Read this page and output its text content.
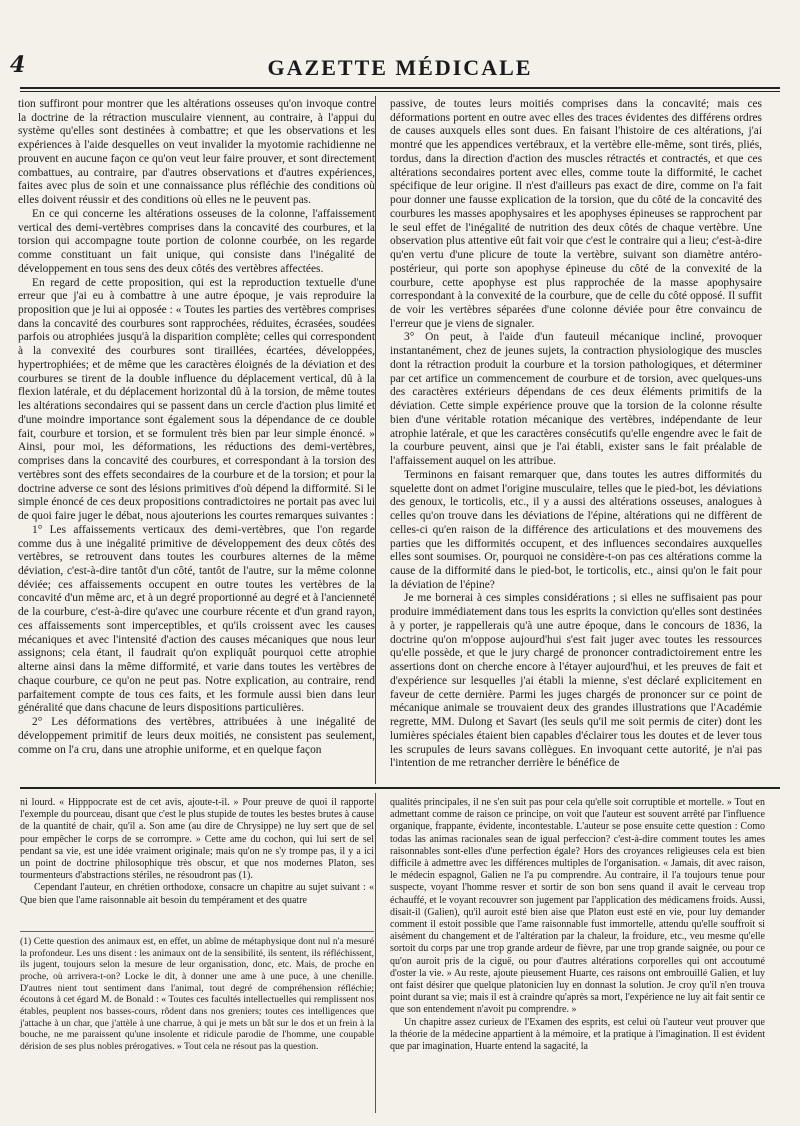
4	GAZETTE MÉDICALE

tion suffiront pour montrer que les altérations osseuses qu'on invoque contre la doctrine de la rétraction musculaire viennent, au contraire, à l'appui du système qu'elles sont destinées à combattre; et que les observations et les expériences à l'aide desquelles on veut invalider la myotomie rachidienne ne prouvent en aucune façon ce qu'on veut leur faire prouver, et sont directement combattues, au contraire, par d'autres observations et d'autres expériences, faites avec plus de soin et une connaissance plus réfléchie des conditions où elles doivent réussir et des conditions où elles ne le peuvent pas.

En ce qui concerne les altérations osseuses de la colonne, l'affaissement vertical des demi-vertèbres comprises dans la concavité des courbures, et la torsion qui accompagne toute portion de colonne courbée, on les regarde comme constituant un fait unique, qui consiste dans l'inégalité de développement en tous sens des deux côtés des vertèbres affectées.

En regard de cette proposition, qui est la reproduction textuelle d'une erreur que j'ai eu à combattre à une autre époque, je vais reproduire la proposition que je lui ai opposée : « Toutes les parties des vertèbres comprises dans la concavité des courbures sont rapprochées, réduites, écrasées, soudées parfois ou atrophiées jusqu'à la disparition complète; celles qui correspondent à la convexité des courbures sont tiraillées, écartées, développées, hypertrophiées; et de même que les caractères éloignés de la déviation et des courbures se tirent de la double influence du déplacement vertical, dû à la flexion latérale, et du déplacement horizontal dû à la torsion, de même toutes les altérations secondaires qui se passent dans un cercle d'action plus limité et d'une moindre importance sont également sous la dépendance de ce double fait, courbure et torsion, et se formulent très bien par leur simple énoncé. » Ainsi, pour moi, les déformations, les réductions des demi-vertèbres, comprises dans la concavité des courbures, et correspondant à la torsion des vertèbres sont des effets secondaires de la courbure et de la torsion; et pour la doctrine adverse ce sont des lésions primitives d'où dépend la difformité. Si le simple énoncé de ces deux propositions contradictoires ne portait pas avec lui de quoi faire juger le débat, nous ajouterions les courtes remarques suivantes :

1° Les affaissements verticaux des demi-vertèbres, que l'on regarde comme dus à une inégalité primitive de développement des deux côtés des vertèbres, se retrouvent dans toutes les courbures alternes de la même déviation, c'est-à-dire tantôt d'un côté, tantôt de l'autre, sur la même colonne déviée; ces affaissements occupent en outre toutes les vertèbres de la concavité d'un même arc, et à un degré proportionné au degré et à l'ancienneté de la courbure, c'est-à-dire qu'avec une courbure récente et d'un grand rayon, ces affaissements sont imperceptibles, et qu'ils croissent avec les causes mécaniques et avec l'intensité d'action des causes mécaniques que nous leur assignons; cela étant, il faudrait qu'on expliquât pourquoi cette atrophie alterne ainsi dans la même difformité, et varie dans toutes les vertèbres de chaque courbure, ce qu'on ne peut pas. Notre explication, au contraire, rend parfaitement compte de tous ces faits, et les formule aussi bien dans leur généralité que dans chacune de leurs dispositions particulières.

2° Les déformations des vertèbres, attribuées à une inégalité de développement primitif de leurs deux moitiés, ne consistent pas seulement, comme on l'a cru, dans une atrophie uniforme, et en quelque façon

passive, de toutes leurs moitiés comprises dans la concavité; mais ces déformations portent en outre avec elles des traces évidentes des différens ordres de causes auxquels elles sont dues. En faisant l'histoire de ces altérations, j'ai montré que les appendices vertébraux, et la vertèbre elle-même, sont tirés, pliés, tordus, dans la direction d'action des muscles rétractés et contractés, et que ces altérations secondaires portent avec elles, comme toute la difformité, le cachet spécifique de leur origine. Il n'est d'ailleurs pas exact de dire, comme on l'a fait pour donner une fausse explication de la torsion, que du côté de la concavité des courbures les masses apophysaires et les apophyses épineuses se rapprochent par le seul effet de l'inégalité de nutrition des deux côtés de chaque vertèbre. Une observation plus attentive eût fait voir que c'est le contraire qui a lieu; c'est-à-dire qu'en vertu d'une plicure de toute la vertèbre, suivant son diamètre antéro-postérieur, qui porte son apophyse épineuse du côté de la convexité de la courbure, cette apophyse est plus rapprochée de la masse apophysaire correspondant à la convexité de la courbure, que de celle du côté opposé. Il suffit de voir les vertèbres séparées d'une colonne déviée pour être convaincu de l'erreur que je viens de signaler.

3° On peut, à l'aide d'un fauteuil mécanique incliné, provoquer instantanément, chez de jeunes sujets, la contraction physiologique des muscles dont la rétraction produit la courbure et la torsion pathologiques, et déterminer par cet artifice un commencement de courbure et de torsion, avec quelques-uns des caractères extérieurs dépendans de ces deux éléments primitifs de la déviation. Cette simple expérience prouve que la torsion de la colonne résulte bien d'une véritable rotation mécanique des vertèbres, indépendante de leur atrophie latérale, et que les caractères consécutifs qu'elle engendre avec le fait de la courbure peuvent, ainsi que je l'ai établi, exister sans le fait préalable de l'affaissement auquel on les attribue.

Terminons en faisant remarquer que, dans toutes les autres difformités du squelette dont on admet l'origine musculaire, telles que le pied-bot, les déviations des genoux, le torticolis, etc., il y a aussi des altérations osseuses, analogues à celles qu'on trouve dans les déviations de l'épine, altérations qui ne diffèrent de celles-ci qu'en raison de la différence des articulations et des mouvemens des parties que les difformités occupent, et des influences secondaires auxquelles elles sont soumises. Or, pourquoi ne considère-t-on pas ces altérations comme la cause de la difformité dans le pied-bot, le torticolis, etc., ainsi qu'on le fait pour la déviation de l'épine?

Je me bornerai à ces simples considérations ; si elles ne suffisaient pas pour produire immédiatement dans tous les esprits la conviction qu'elles sont destinées à y porter, je rappellerais qu'à une autre époque, dans le concours de 1836, la doctrine qu'on m'oppose aujourd'hui s'est fait juger avec toutes les ressources qu'elle possède, et que le jury chargé de prononcer contradictoirement entre les assertions dont on cherche encore à l'étayer aujourd'hui, et les preuves de fait et d'expérience sur lesquelles j'ai établi la mienne, s'est déclaré explicitement en faveur de cette dernière. Parmi les juges chargés de prononcer sur ce point de mécanique animale se trouvaient deux des grandes illustrations que l'Académie regrette, MM. Dulong et Savart (les seuls qu'il me soit permis de citer) dont les lumières spéciales étaient bien capables d'éclairer tous les doutes et de lever tous les scrupules de leurs savans collègues. En invoquant cette autorité, je n'ai pas l'intention de me retrancher derrière le bénéfice de

ni lourd. « Hipppocrate est de cet avis, ajoute-t-il. » Pour preuve de quoi il rapporte l'exemple du pourceau, disant que c'est le plus stupide de toutes les bestes brutes à cause de la quantité de chair, qu'il a. Son ame (au dire de Chrysippe) ne luy sert que de sel pour empêcher le corps de se corrompre. » Cette ame du cochon, qui lui sert de sel pendant sa vie, est une idée vraiment originale; mais qu'on ne s'y trompe pas, il y a ici un point de doctrine philosophique très obscur, et que nos modernes Platon, ses tourmenteurs d'abstractions stériles, ne résoudront pas (1).

Cependant l'auteur, en chrétien orthodoxe, consacre un chapitre au sujet suivant : « Que bien que l'ame raisonnable ait besoin du tempérament et des quatre

(1) Cette question des animaux est, en effet, un abîme de métaphysique dont nul n'a mesuré la profondeur. Les uns disent : les animaux ont de la sensibilité, ils sentent, ils réfléchissent, ils jugent, toujours selon la mesure de leur organisation, donc, etc. Mais, de proche en proche, où arrivera-t-on? Locke le dit, à donner une ame à une puce, à une chenille. D'autres nient tout sentiment dans l'animal, tout degré de compréhension réfléchie; écoutons à cet égard M. de Bonald : « Toutes ces facultés intellectuelles qui remplissent nos étables, peuplent nos basses-cours, rôdent dans nos greniers; toutes ces intelligences que j'attache à un char, que j'attèle à une charrue, à qui je mets un bât sur le dos et un frein à la bouche, ne me paraissent qu'une insolente et ridicule parodie de l'homme, une coupable dérision de ses plus nobles prérogatives. » Tout cela ne résout pas la question.

qualités principales, il ne s'en suit pas pour cela qu'elle soit corruptible et mortelle. » Tout en admettant comme de raison ce principe, on voit que l'auteur est souvent arrêté par l'influence organique, frappante, évidente, incontestable. L'auteur se pose ensuite cette question : Como todas las animas racionales sean de igual perfeccion? c'est-à-dire comment toutes les ames raisonnables sont-elles d'une perfection égale? Hors des croyances religieuses cela est bien difficile à admettre avec les différences multiples de l'organisation. « Jamais, dit avec raison, le médecin espagnol, Galien ne l'a pu comprendre. Au contraire, il l'a toujours tenue pour suspecte, voyant l'homme resver et sortir de son bon sens quand il avait le cerveau trop échauffé, et le voyant recouvrer son jugement par l'application des médicamens froids. Aussi, disait-il (Galien), qu'il auroit esté bien aise que Platon eust esté en vie, pour luy demander comment il estoit possible que l'ame raisonnable fust immortelle, attendu qu'elle souffroit si aisément du changement et de l'altération par la chaleur, la froidure, etc., veu mesme qu'elle sortoit du corps par une trop grande ardeur de fièvre, par une trop grande saignée, ou pour ce qu'on auroit pris de la ciguë, ou pour d'autres altérations corporelles qui ont accoutumé d'oster la vie. » Au reste, ajoute pieusement Huarte, ces raisons ont embrouillé Galien, et luy ont faist désirer que quelque platonicien luy en donnast la solution. Je croy qu'il n'en trouva point durant sa vie; mais il est à craindre qu'après sa mort, l'expérience ne luy ait fait sentir ce que son entendement n'avoit pu comprendre. »

Un chapitre assez curieux de l'Examen des esprits, est celui où l'auteur veut prouver que la théorie de la médecine appartient à la mémoire, et la pratique à l'imagination. Il est évident que par imagination, Huarte entend la sagacité, la
